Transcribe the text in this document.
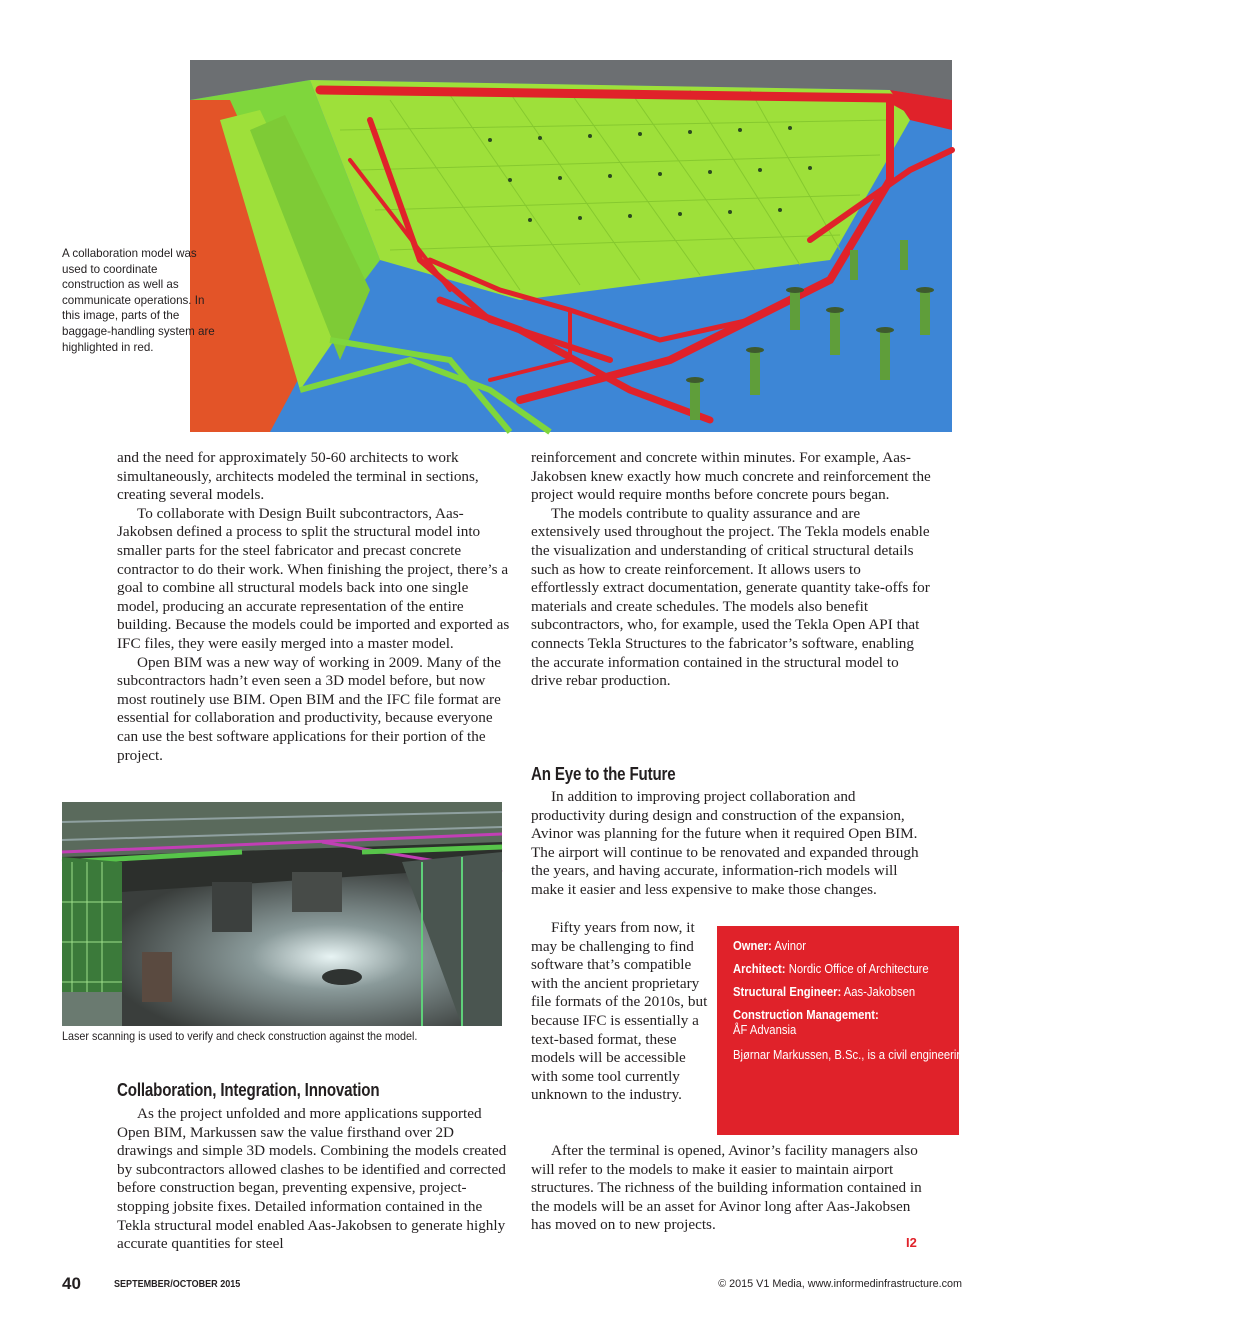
A collaboration model was used to coordinate construction as well as communicate operations. In this image, parts of the baggage-handling system are highlighted in red.

and the need for approximately 50-60 architects to work simultaneously, architects modeled the terminal in sections, creating several models.

To collaborate with Design Built subcontractors, Aas-Jakobsen defined a process to split the structural model into smaller parts for the steel fabricator and precast concrete contractor to do their work. When finishing the project, there’s a goal to combine all structural models back into one single model, producing an accurate representation of the entire building. Because the models could be imported and exported as IFC files, they were easily merged into a master model.

Open BIM was a new way of working in 2009. Many of the subcontractors hadn’t even seen a 3D model before, but now most routinely use BIM. Open BIM and the IFC file format are essential for collaboration and productivity, because everyone can use the best software applications for their portion of the project.

Laser scanning is used to verify and check construction against the model.
Collaboration, Integration, Innovation

As the project unfolded and more applications supported Open BIM, Markussen saw the value firsthand over 2D drawings and simple 3D models. Combining the models created by subcontractors allowed clashes to be identified and corrected before construction began, preventing expensive, project-stopping jobsite fixes. Detailed information contained in the Tekla structural model enabled Aas-Jakobsen to generate highly accurate quantities for steel

reinforcement and concrete within minutes. For example, Aas-Jakobsen knew exactly how much concrete and reinforcement the project would require months before concrete pours began.

The models contribute to quality assurance and are extensively used throughout the project. The Tekla models enable the visualization and understanding of critical structural details such as how to create reinforcement. It allows users to effortlessly extract documentation, generate quantity take-offs for materials and create schedules. The models also benefit subcontractors, who, for example, used the Tekla Open API that connects Tekla Structures to the fabricator’s software, enabling the accurate information contained in the structural model to drive rebar production.

An Eye to the Future

In addition to improving project collaboration and productivity during design and construction of the expansion, Avinor was planning for the future when it required Open BIM. The airport will continue to be renovated and expanded through the years, and having accurate, information-rich models will make it easier and less expensive to make those changes.

Fifty years from now, it may be challenging to find software that’s compatible with the ancient proprietary file formats of the 2010s, but because IFC is essentially a text-based format, these models will be accessible with some tool currently unknown to the industry.

After the terminal is opened, Avinor’s facility managers also will refer to the models to make it easier to maintain airport structures. The richness of the building information contained in the models will be an asset for Avinor long after Aas-Jakobsen has moved on to new projects.

Owner: Avinor
Architect: Nordic Office of Architecture
Structural Engineer: Aas-Jakobsen
Construction Management:
ÅF Advansia
Bjørnar Markussen, B.Sc., is a civil engineering/BIM engineer for Aas-Jakobsen; e-mail: bma@aaj.no.
I2
40	SEPTEMBER/OCTOBER 2015	© 2015 V1 Media, www.informedinfrastructure.com
